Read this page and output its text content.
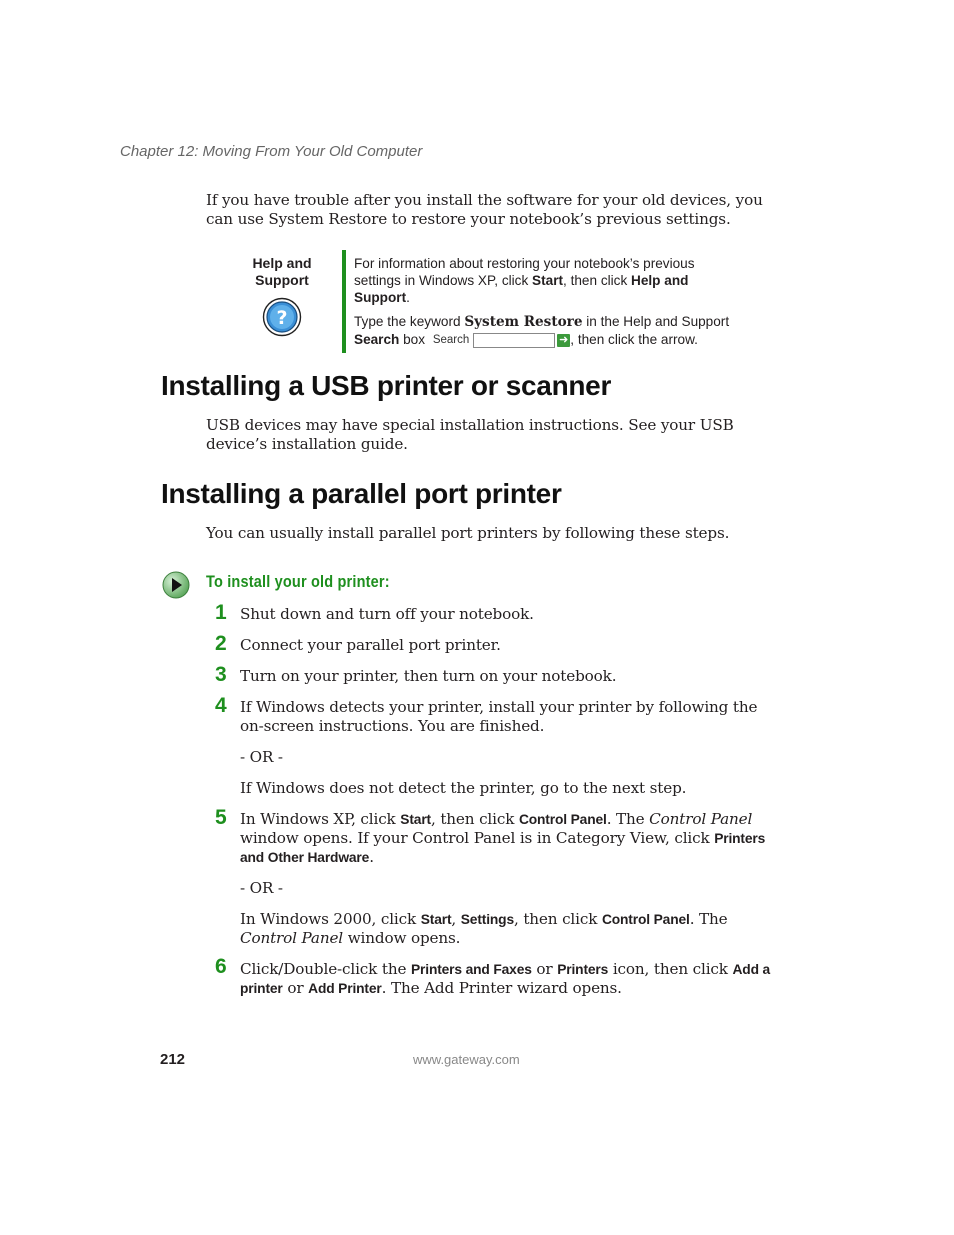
Chapter 12: Moving From Your Old Computer
If you have trouble after you install the software for your old devices, you can use System Restore to restore your notebook’s previous settings.
Help and
Support
?
For information about restoring your notebook’s previous settings in Windows XP, click Start, then click Help and Support.
Type the keyword System Restore in the Help and Support
Search box Search	➜ , then click the arrow.
Installing a USB printer or scanner
USB devices may have special installation instructions. See your USB device’s installation guide.
Installing a parallel port printer
You can usually install parallel port printers by following these steps.
To install your old printer:
1 Shut down and turn off your notebook.
2 Connect your parallel port printer.
3 Turn on your printer, then turn on your notebook.
4 If Windows detects your printer, install your printer by following the on-screen instructions. You are finished.
- OR -
If Windows does not detect the printer, go to the next step.
5 In Windows XP, click Start, then click Control Panel. The Control Panel window opens. If your Control Panel is in Category View, click Printers and Other Hardware.
- OR -
In Windows 2000, click Start, Settings, then click Control Panel. The Control Panel window opens.
6 Click/Double-click the Printers and Faxes or Printers icon, then click Add a printer or Add Printer. The Add Printer wizard opens.
212	www.gateway.com
